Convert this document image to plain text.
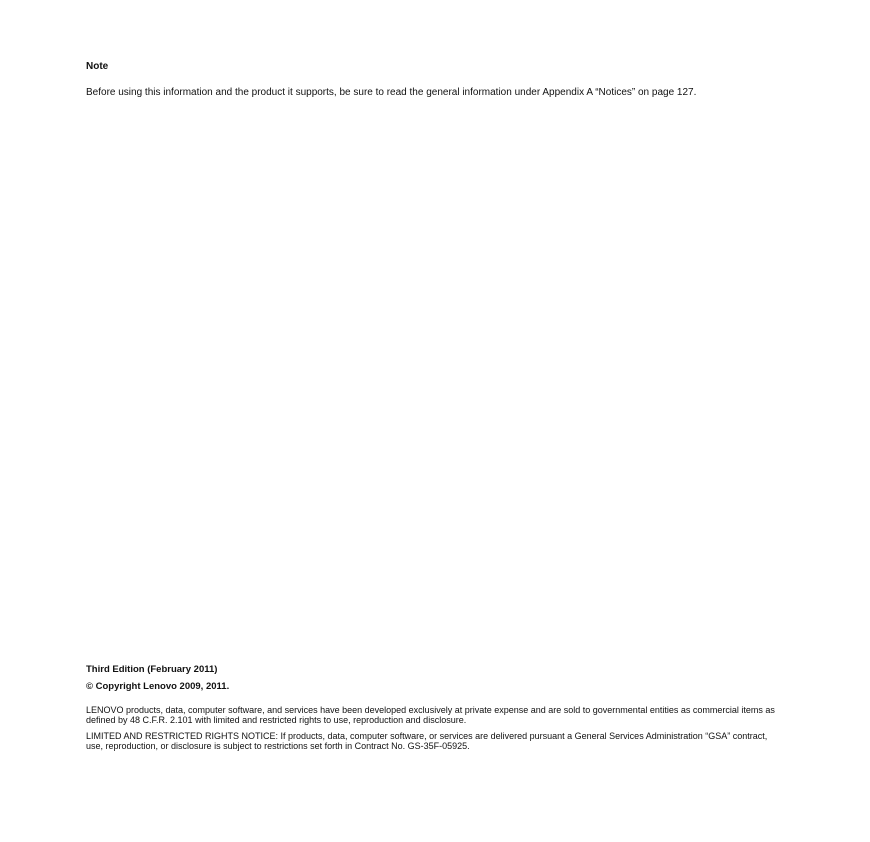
Note

Before using this information and the product it supports, be sure to read the general information under Appendix A “Notices” on page 127.

Third Edition (February 2011)

© Copyright Lenovo 2009, 2011.

LENOVO products, data, computer software, and services have been developed exclusively at private expense and are sold to governmental entities as commercial items as defined by 48 C.F.R. 2.101 with limited and restricted rights to use, reproduction and disclosure.

LIMITED AND RESTRICTED RIGHTS NOTICE: If products, data, computer software, or services are delivered pursuant a General Services Administration “GSA” contract, use, reproduction, or disclosure is subject to restrictions set forth in Contract No. GS-35F-05925.
